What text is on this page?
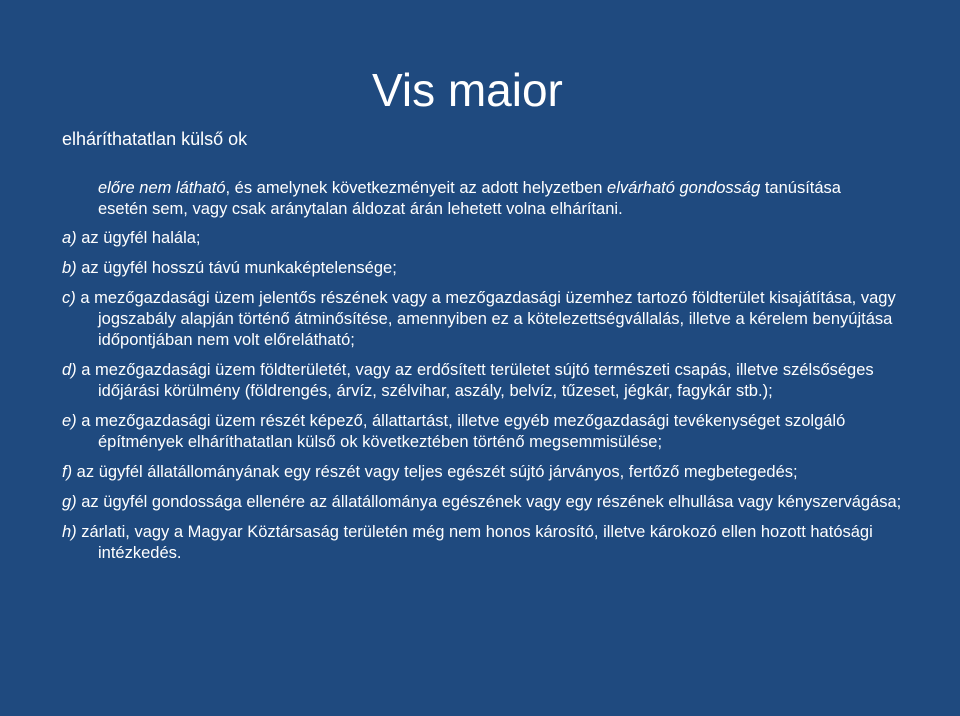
Vis maior
elháríthatatlan külső ok
előre nem látható, és amelynek következményeit az adott helyzetben elvárható gondosság tanúsítása esetén sem, vagy csak aránytalan áldozat árán lehetett volna elhárítani.
a) az ügyfél halála;
b) az ügyfél hosszú távú munkaképtelensége;
c) a mezőgazdasági üzem jelentős részének vagy a mezőgazdasági üzemhez tartozó földterület kisajátítása, vagy jogszabály alapján történő átminősítése, amennyiben ez a kötelezettségvállalás, illetve a kérelem benyújtása időpontjában nem volt előrelátható;
d) a mezőgazdasági üzem földterületét, vagy az erdősített területet sújtó természeti csapás, illetve szélsőséges időjárási körülmény (földrengés, árvíz, szélvihar, aszály, belvíz, tűzeset, jégkár, fagykár stb.);
e) a mezőgazdasági üzem részét képező, állattartást, illetve egyéb mezőgazdasági tevékenységet szolgáló építmények elháríthatatlan külső ok következtében történő megsemmisülése;
f) az ügyfél állatállományának egy részét vagy teljes egészét sújtó járványos, fertőző megbetegedés;
g) az ügyfél gondossága ellenére az állatállománya egészének vagy egy részének elhullása vagy kényszervágása;
h) zárlati, vagy a Magyar Köztársaság területén még nem honos károsító, illetve károkozó ellen hozott hatósági intézkedés.
